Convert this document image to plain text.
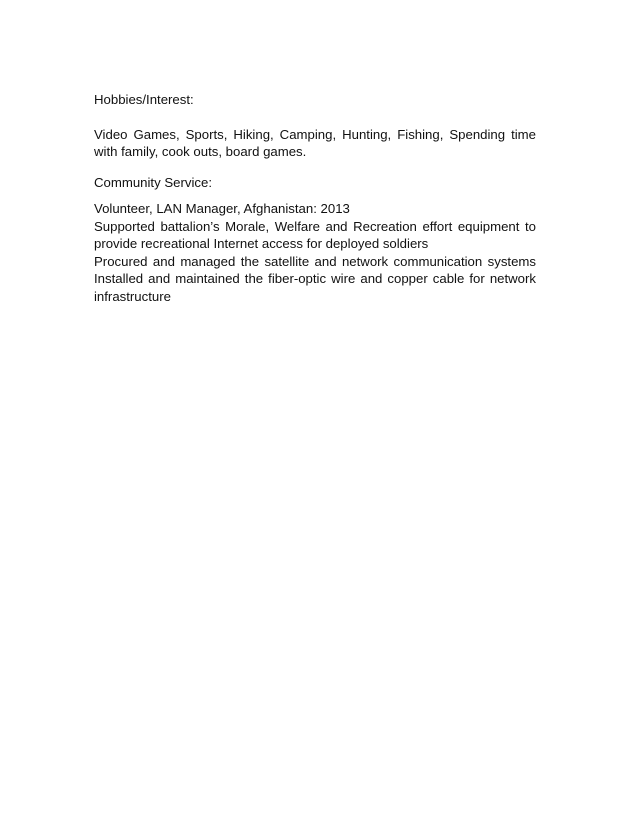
Hobbies/Interest:

Video Games, Sports, Hiking, Camping, Hunting, Fishing, Spending time
with family, cook outs, board games.

Community Service:

Volunteer, LAN Manager, Afghanistan: 2013
Supported battalion’s Morale, Welfare and Recreation effort equipment to
provide recreational Internet access for deployed soldiers
Procured and managed the satellite and network communication systems
Installed and maintained the fiber-optic wire and copper cable for network
infrastructure
